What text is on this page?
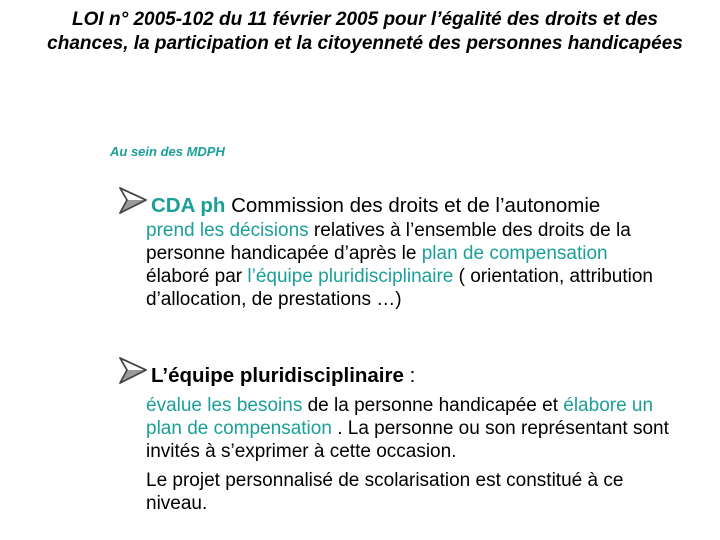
LOI n° 2005-102 du 11 février 2005 pour l’égalité des droits et des chances, la participation et la citoyenneté des personnes handicapées
Au sein des MDPH
CDA ph Commission des droits et de l’autonomie
prend les décisions relatives à l’ensemble des droits de la personne handicapée d’après le plan de compensation élaboré par l’équipe pluridisciplinaire ( orientation, attribution d’allocation, de prestations …)
L’équipe pluridisciplinaire :
évalue les besoins de la personne handicapée et élabore un plan de compensation . La personne ou son représentant sont invités à s’exprimer à cette occasion.
Le projet personnalisé de scolarisation est constitué à ce niveau.
